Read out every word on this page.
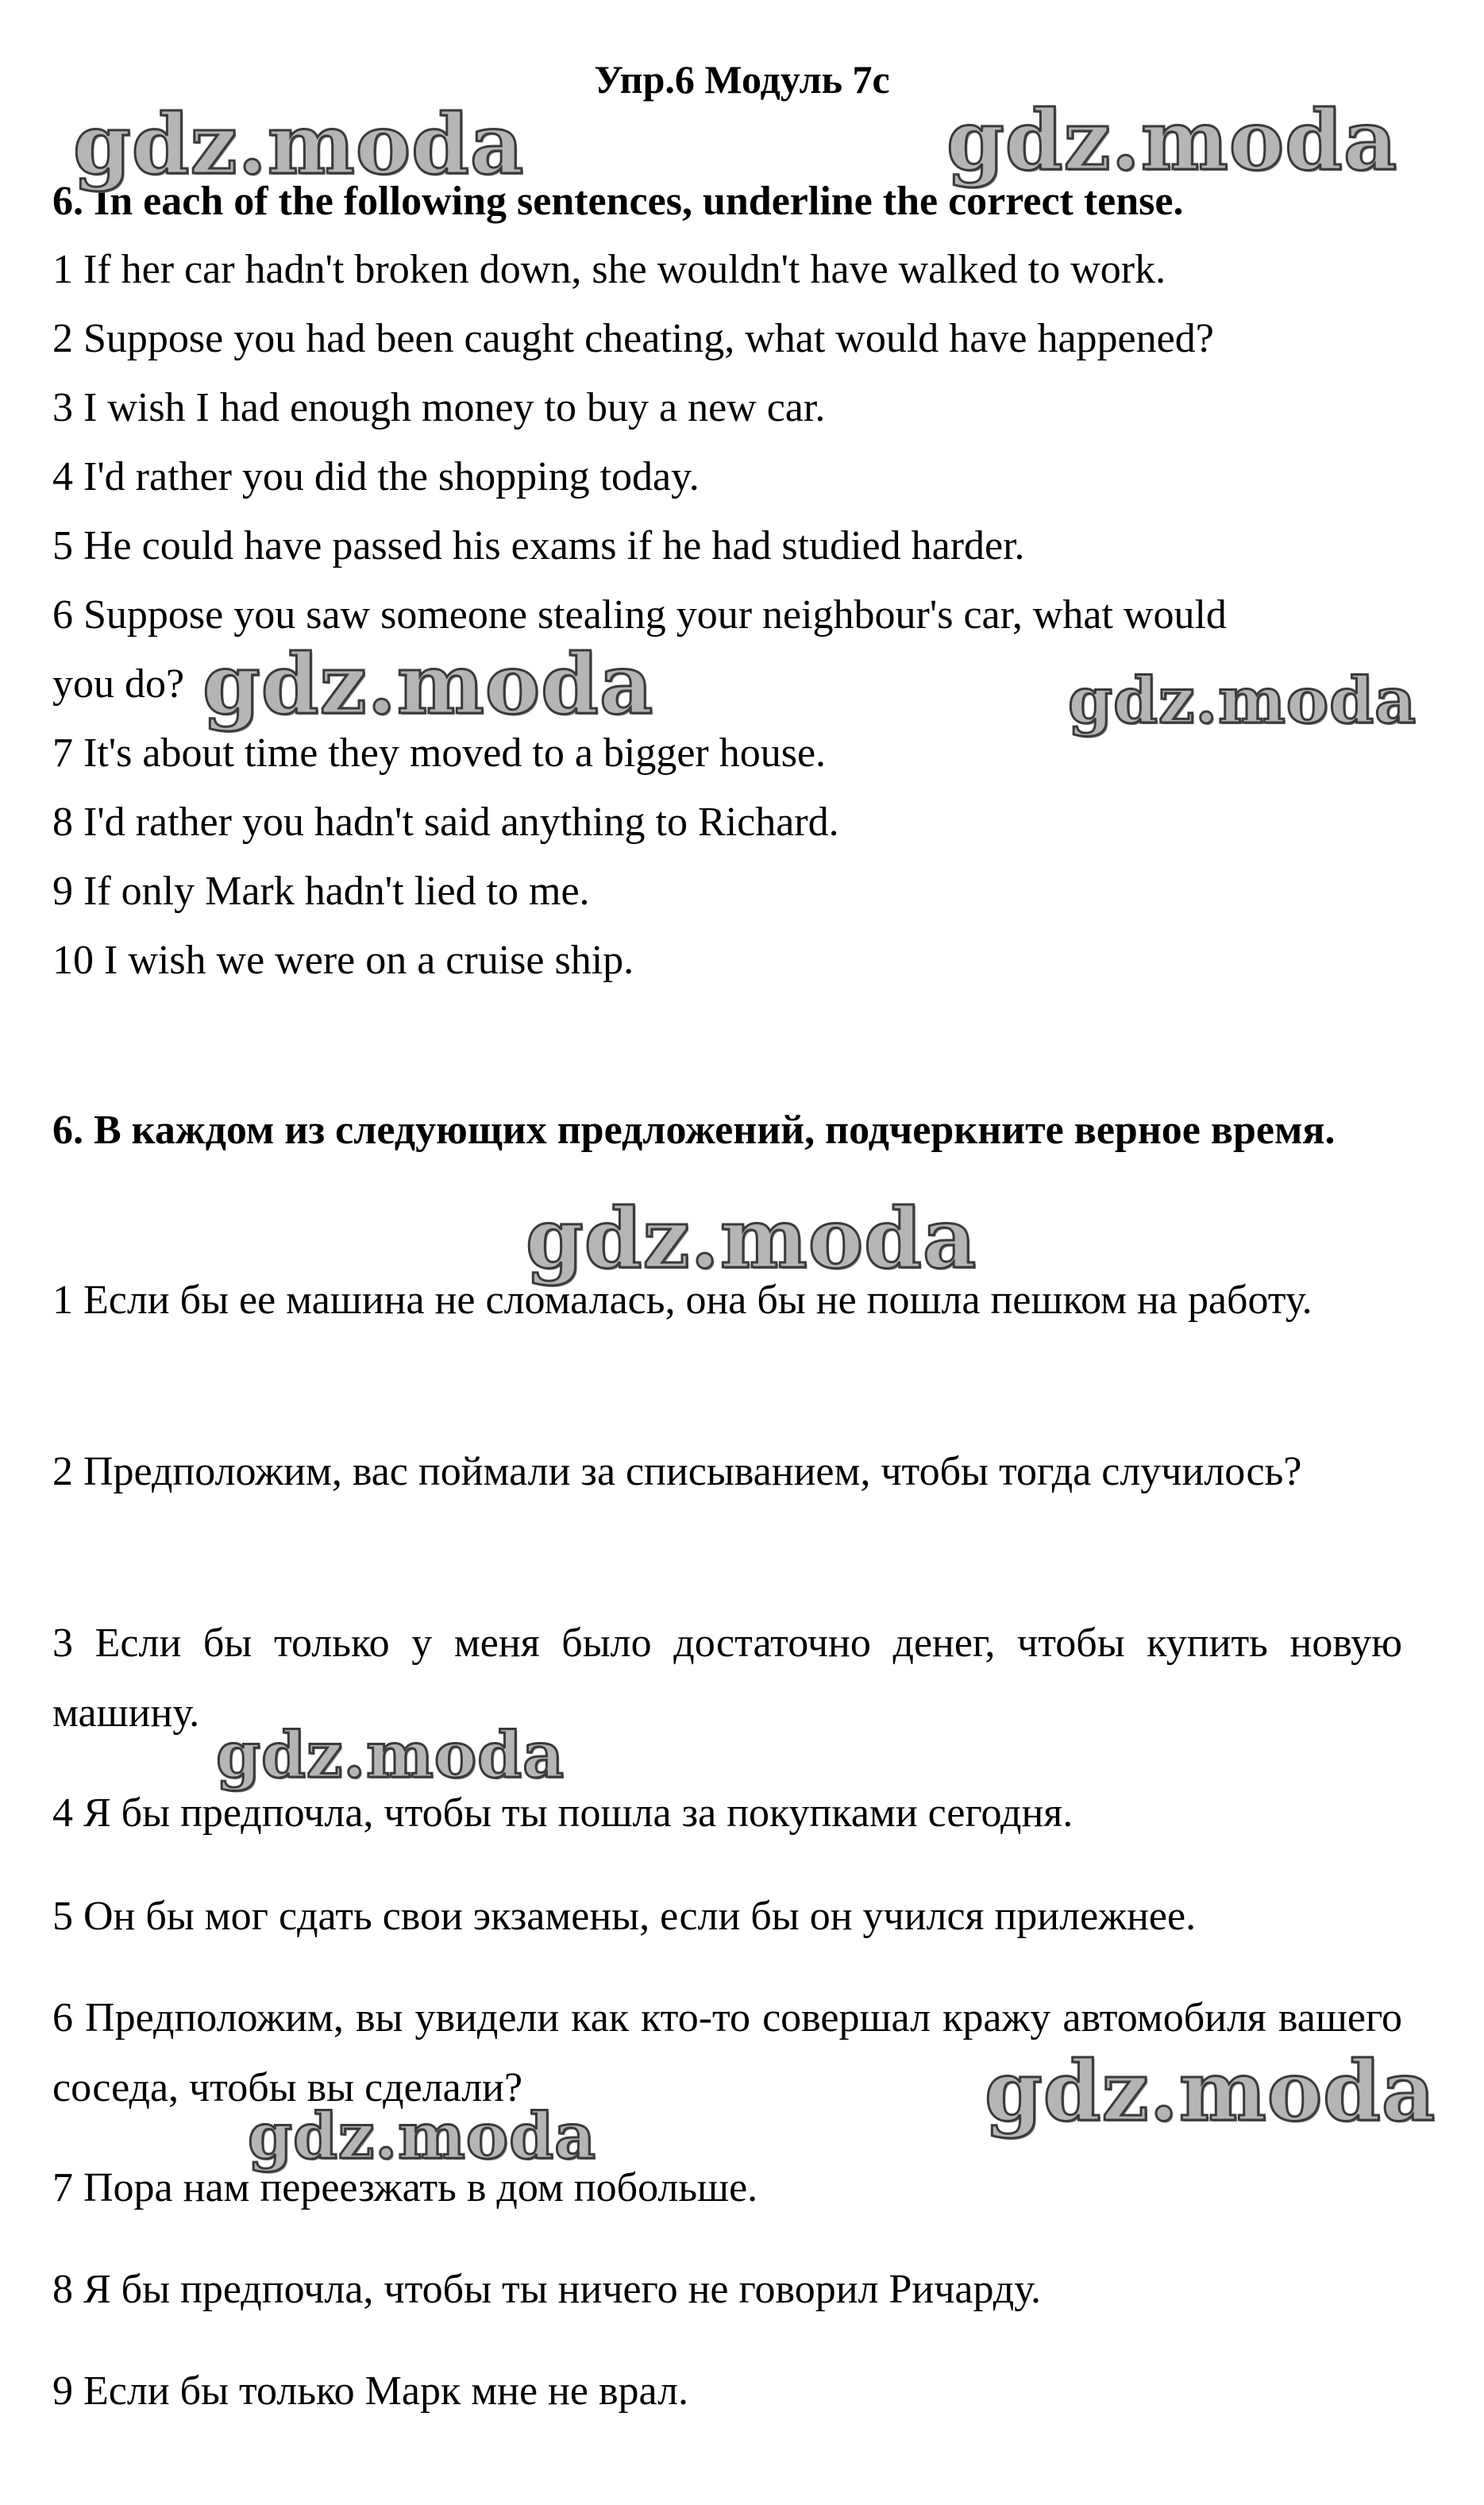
Упр.6 Модуль 7с
6. In each of the following sentences, underline the correct tense.
1 If her car hadn't broken down, she wouldn't have walked to work.
2 Suppose you had been caught cheating, what would have happened?
3 I wish I had enough money to buy a new car.
4 I'd rather you did the shopping today.
5 He could have passed his exams if he had studied harder.
6 Suppose you saw someone stealing your neighbour's car, what would
you do?
7 It's about time they moved to a bigger house.
8 I'd rather you hadn't said anything to Richard.
9 If only Mark hadn't lied to me.
10 I wish we were on a cruise ship.
6. В каждом из следующих предложений, подчеркните верное время.
1 Если бы ее машина не сломалась, она бы не пошла пешком на работу.
2 Предположим, вас поймали за списыванием, чтобы тогда случилось?
3 Если бы только у меня было достаточно денег, чтобы купить новую машину.
4 Я бы предпочла, чтобы ты пошла за покупками сегодня.
5 Он бы мог сдать свои экзамены, если бы он учился прилежнее.
6 Предположим, вы увидели как кто-то совершал кражу автомобиля вашего соседа, чтобы вы сделали?
7 Пора нам переезжать в дом побольше.
8 Я бы предпочла, чтобы ты ничего не говорил Ричарду.
9 Если бы только Марк мне не врал.
gdz.moda	gdz.moda
gdz.moda	gdz.moda
gdz.moda
gdz.moda
gdz.moda
gdz.moda
